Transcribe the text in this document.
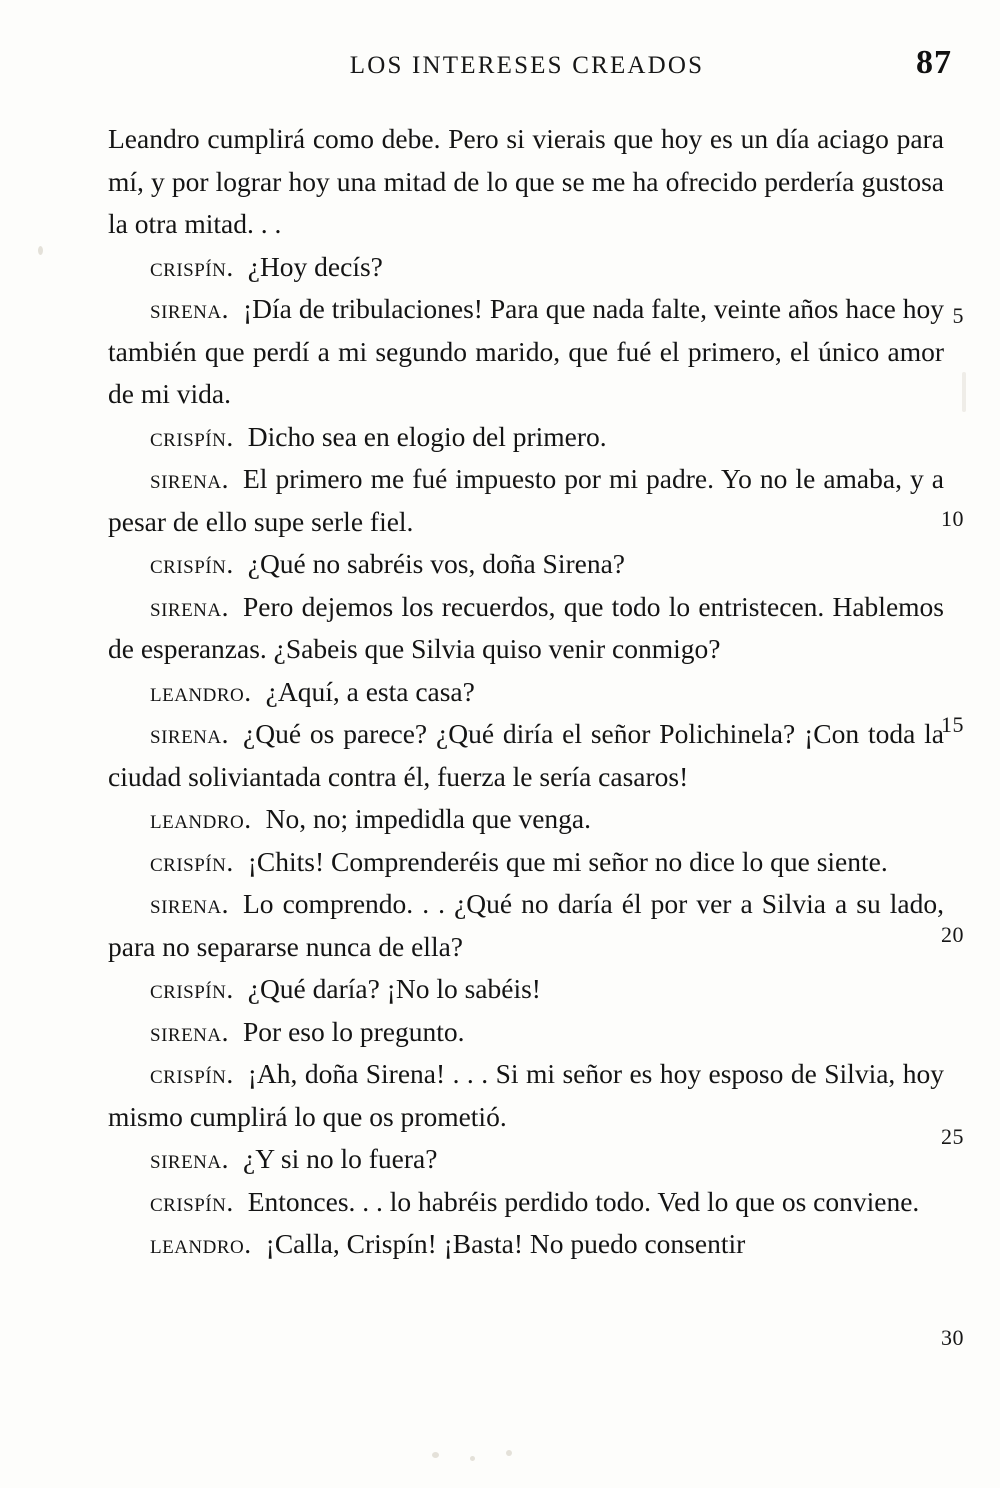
LOS INTERESES CREADOS	87

Leandro cumplirá como debe. Pero si vierais que hoy es un día aciago para mí, y por lograr hoy una mitad de lo que se me ha ofrecido perdería gustosa la otra mitad. . .

crispín. ¿Hoy decís?

sirena. ¡Día de tribulaciones! Para que nada falte, veinte años hace hoy también que perdí a mi segundo marido, que fué el primero, el único amor de mi vida.

crispín. Dicho sea en elogio del primero.

sirena. El primero me fué impuesto por mi padre. Yo no le amaba, y a pesar de ello supe serle fiel.

crispín. ¿Qué no sabréis vos, doña Sirena?

sirena. Pero dejemos los recuerdos, que todo lo entristecen. Hablemos de esperanzas. ¿Sabeis que Silvia quiso venir conmigo?

leandro. ¿Aquí, a esta casa?

sirena. ¿Qué os parece? ¿Qué diría el señor Polichinela? ¡Con toda la ciudad soliviantada contra él, fuerza le sería casaros!

leandro. No, no; impedidla que venga.

crispín. ¡Chits! Comprenderéis que mi señor no dice lo que siente.

sirena. Lo comprendo. . . ¿Qué no daría él por ver a Silvia a su lado, para no separarse nunca de ella?

crispín. ¿Qué daría? ¡No lo sabéis!

sirena. Por eso lo pregunto.

crispín. ¡Ah, doña Sirena! . . . Si mi señor es hoy esposo de Silvia, hoy mismo cumplirá lo que os prometió.

sirena. ¿Y si no lo fuera?

crispín. Entonces. . . lo habréis perdido todo. Ved lo que os conviene.

leandro. ¡Calla, Crispín! ¡Basta! No puedo consentir

5
10
15
20
25
30
